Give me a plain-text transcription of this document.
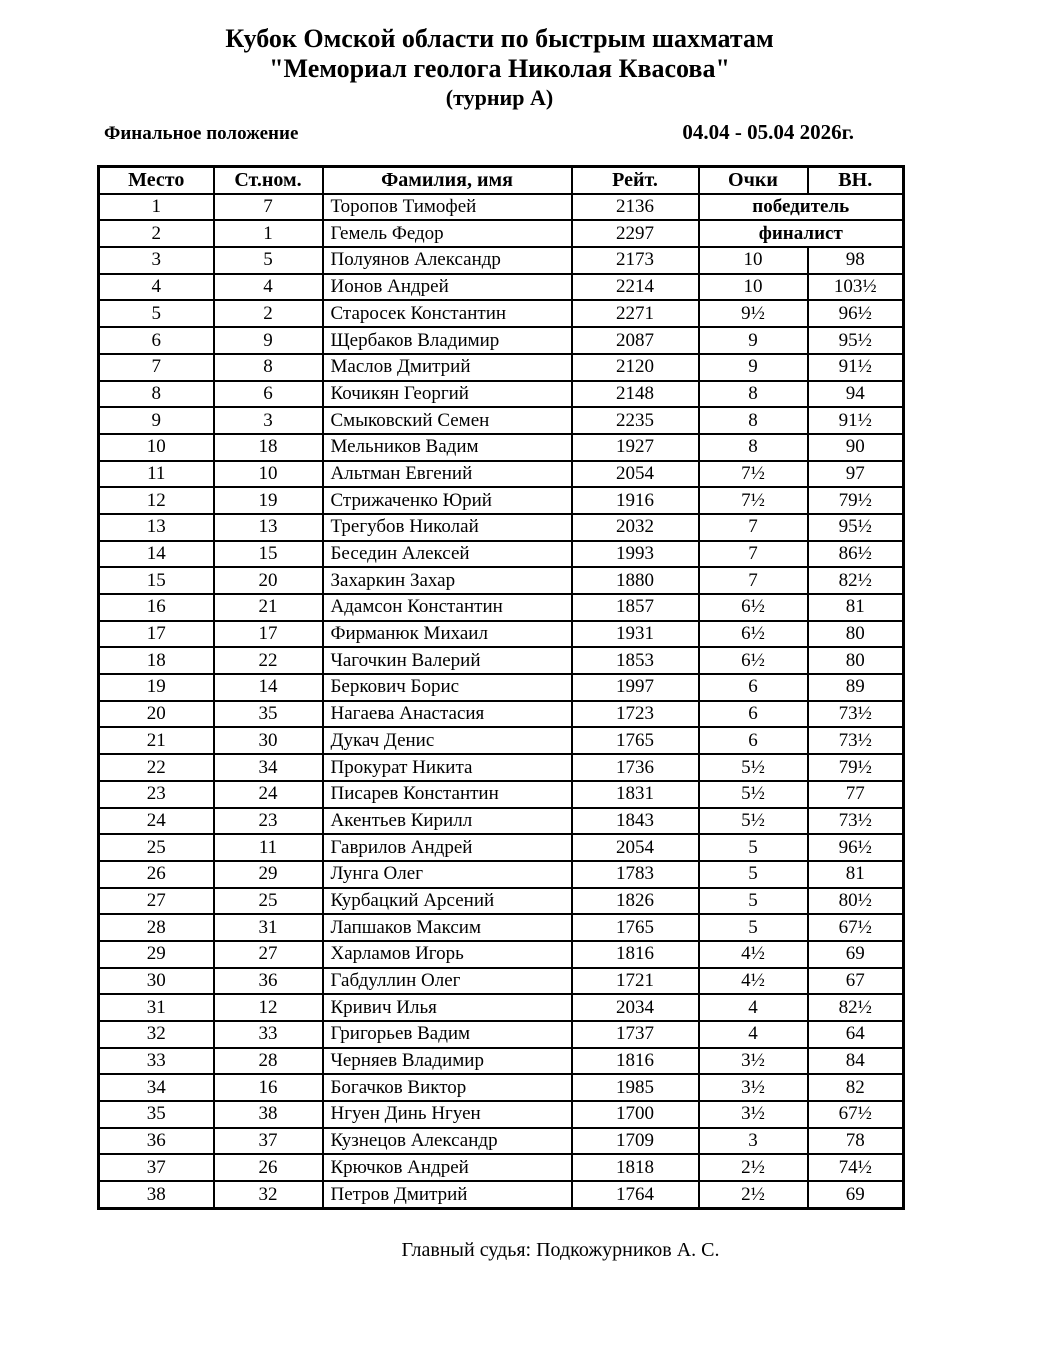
Кубок Омской области по быстрым шахматам
"Мемориал геолога Николая Квасова"
(турнир А)
Финальное положение	04.04 - 05.04 2026г.
Место	Ст.ном.	Фамилия, имя	Рейт.	Очки	ВН.
1	7	Торопов Тимофей	2136	победитель	
2	1	Гемель Федор	2297	финалист	
3	5	Полуянов Александр	2173	10	98
4	4	Ионов Андрей	2214	10	103½
5	2	Старосек Константин	2271	9½	96½
6	9	Щербаков Владимир	2087	9	95½
7	8	Маслов Дмитрий	2120	9	91½
8	6	Кочикян Георгий	2148	8	94
9	3	Смыковский Семен	2235	8	91½
10	18	Мельников Вадим	1927	8	90
11	10	Альтман Евгений	2054	7½	97
12	19	Стрижаченко Юрий	1916	7½	79½
13	13	Трегубов Николай	2032	7	95½
14	15	Беседин Алексей	1993	7	86½
15	20	Захаркин Захар	1880	7	82½
16	21	Адамсон Константин	1857	6½	81
17	17	Фирманюк Михаил	1931	6½	80
18	22	Чагочкин Валерий	1853	6½	80
19	14	Беркович Борис	1997	6	89
20	35	Нагаева Анастасия	1723	6	73½
21	30	Дукач Денис	1765	6	73½
22	34	Прокурат Никита	1736	5½	79½
23	24	Писарев Константин	1831	5½	77
24	23	Акентьев Кирилл	1843	5½	73½
25	11	Гаврилов Андрей	2054	5	96½
26	29	Лунга Олег	1783	5	81
27	25	Курбацкий Арсений	1826	5	80½
28	31	Лапшаков Максим	1765	5	67½
29	27	Харламов Игорь	1816	4½	69
30	36	Габдуллин Олег	1721	4½	67
31	12	Кривич Илья	2034	4	82½
32	33	Григорьев Вадим	1737	4	64
33	28	Черняев Владимир	1816	3½	84
34	16	Богачков Виктор	1985	3½	82
35	38	Нгуен Динь Нгуен	1700	3½	67½
36	37	Кузнецов Александр	1709	3	78
37	26	Крючков Андрей	1818	2½	74½
38	32	Петров Дмитрий	1764	2½	69
Главный судья: Подкожурников А. С.
